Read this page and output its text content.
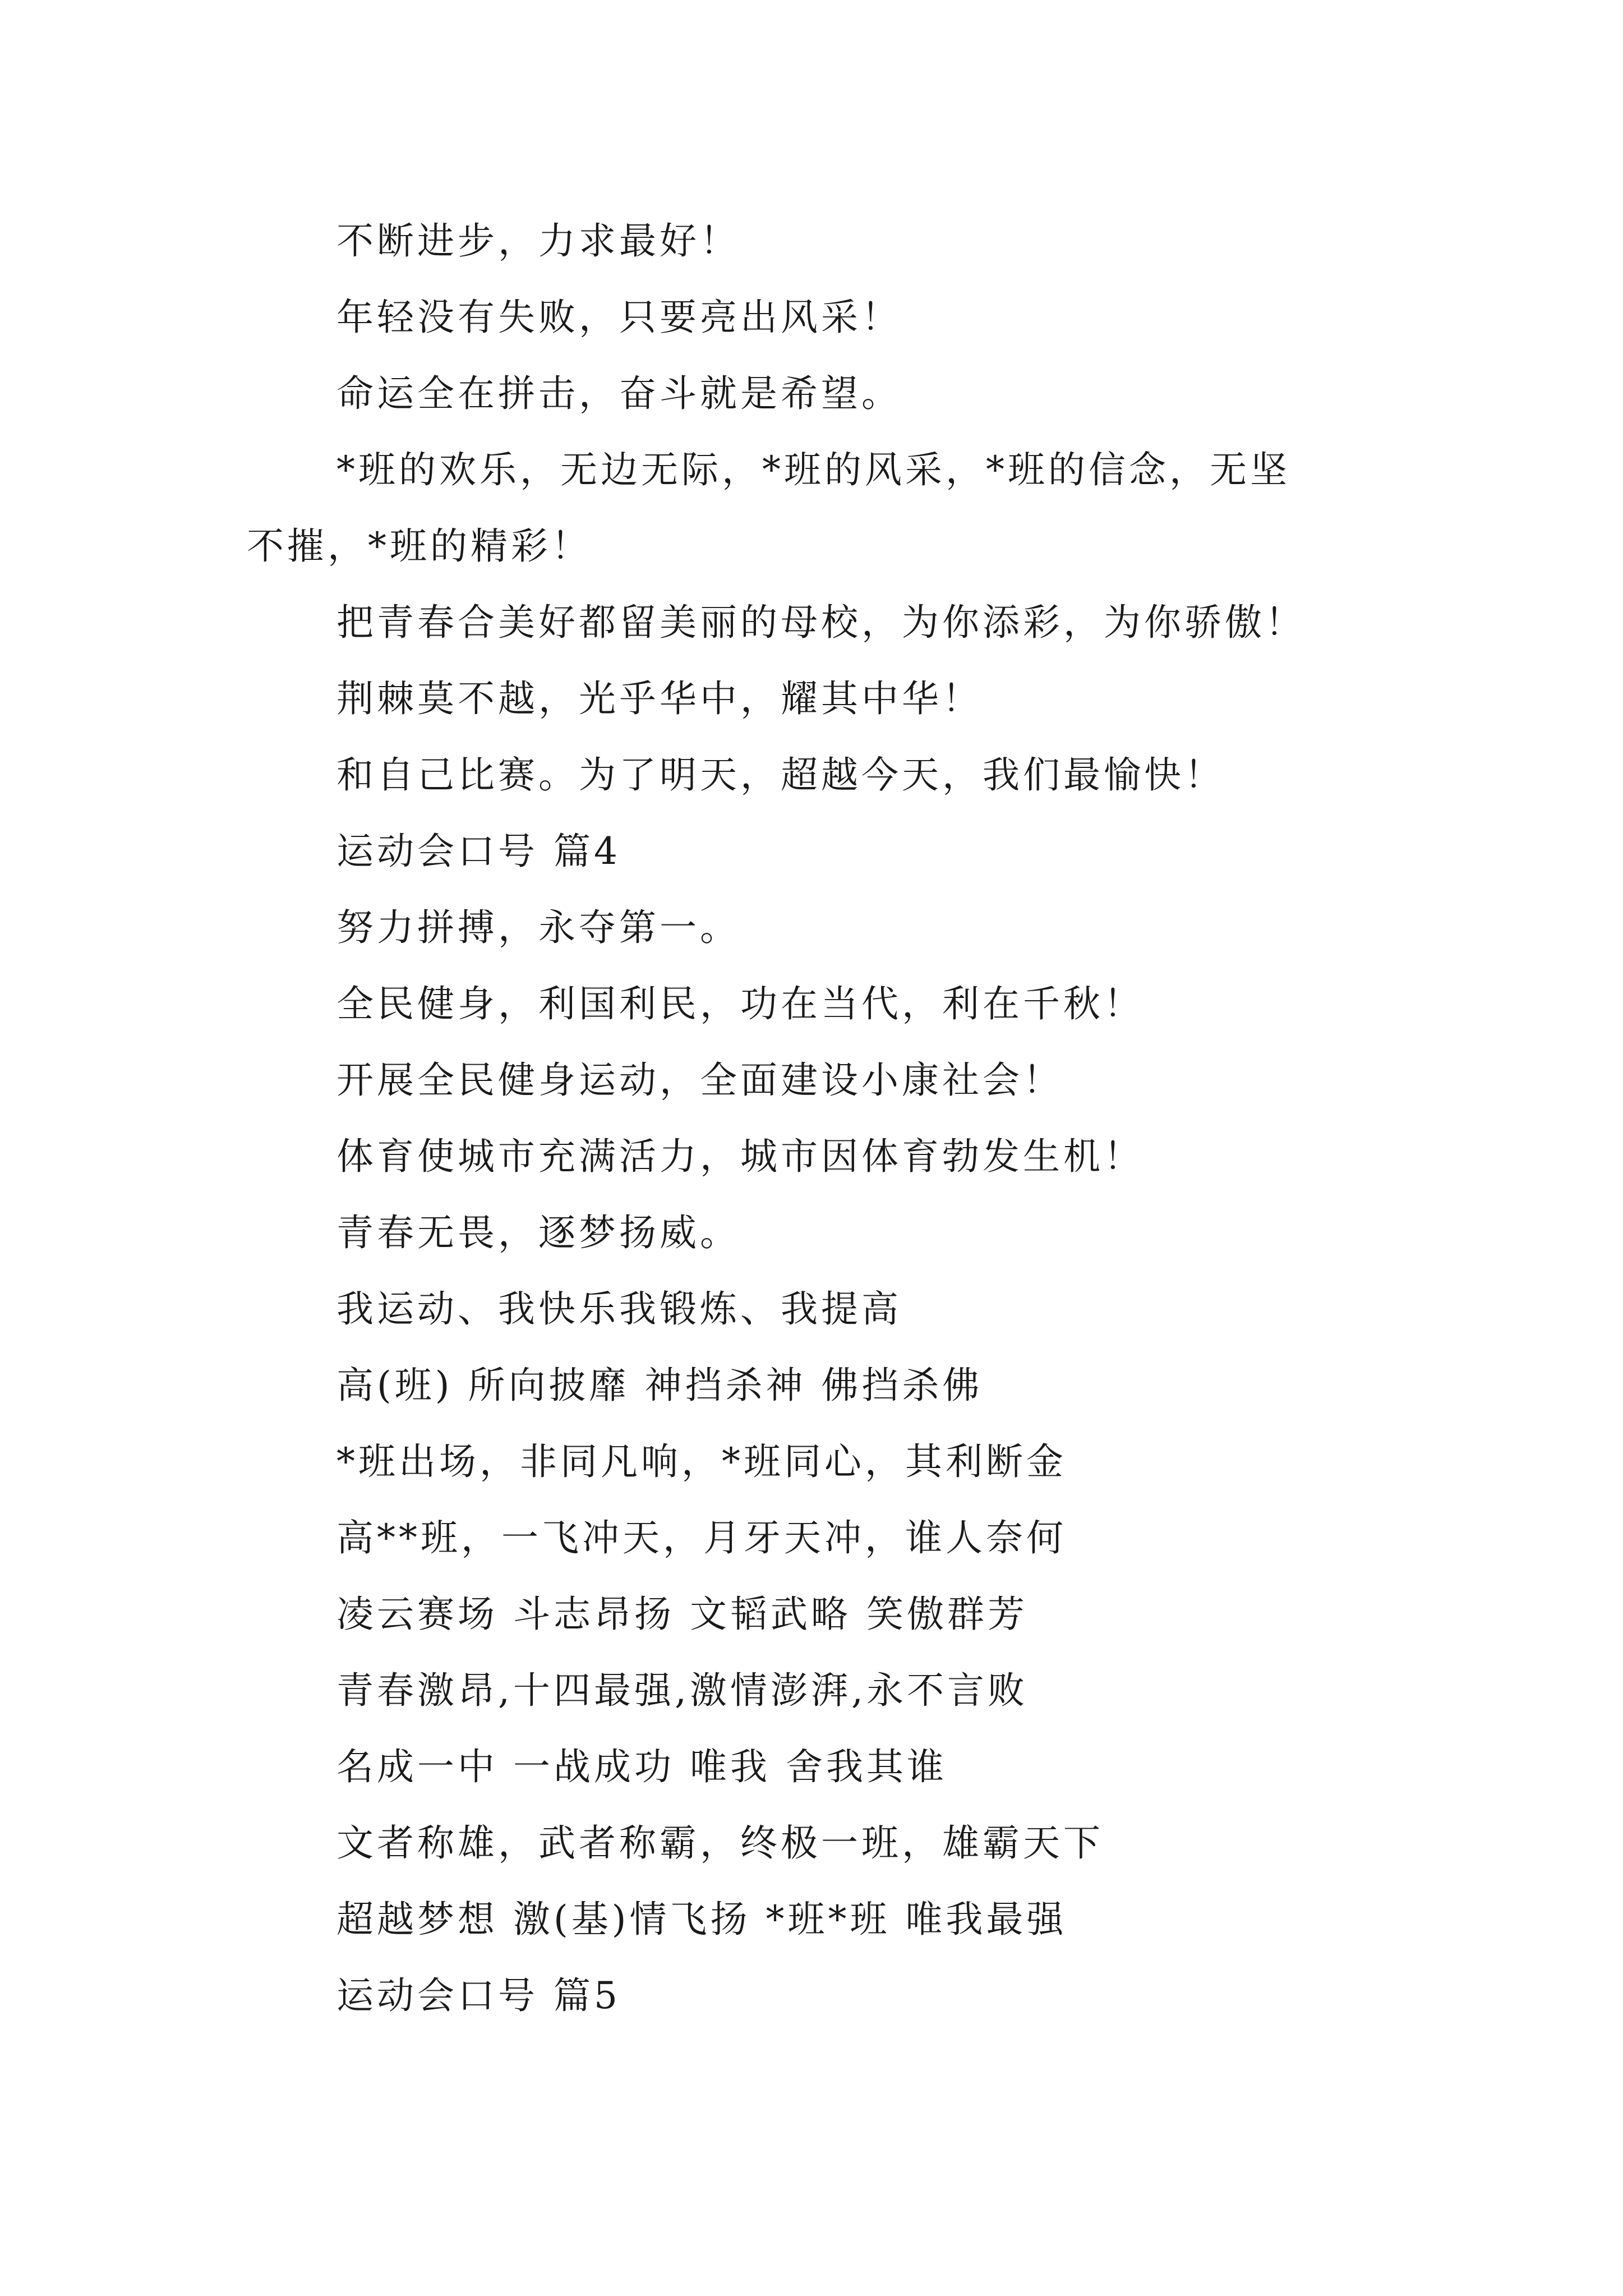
不断进步，力求最好！

年轻没有失败，只要亮出风采！

命运全在拼击，奋斗就是希望。

*班的欢乐，无边无际，*班的风采，*班的信念，无坚

不摧，*班的精彩！

把青春合美好都留美丽的母校，为你添彩，为你骄傲！

荆棘莫不越，光乎华中，耀其中华！

和自己比赛。为了明天，超越今天，我们最愉快！

运动会口号 篇4

努力拼搏，永夺第一。

全民健身，利国利民，功在当代，利在千秋！

开展全民健身运动，全面建设小康社会！

体育使城市充满活力，城市因体育勃发生机！

青春无畏，逐梦扬威。

我运动、我快乐我锻炼、我提高

高(班) 所向披靡 神挡杀神 佛挡杀佛

*班出场，非同凡响，*班同心，其利断金

高**班，一飞冲天，月牙天冲，谁人奈何

凌云赛场 斗志昂扬 文韬武略 笑傲群芳

青春激昂,十四最强,激情澎湃,永不言败

名成一中 一战成功 唯我 舍我其谁

文者称雄，武者称霸，终极一班，雄霸天下

超越梦想 激(基)情飞扬 *班*班 唯我最强

运动会口号 篇5
